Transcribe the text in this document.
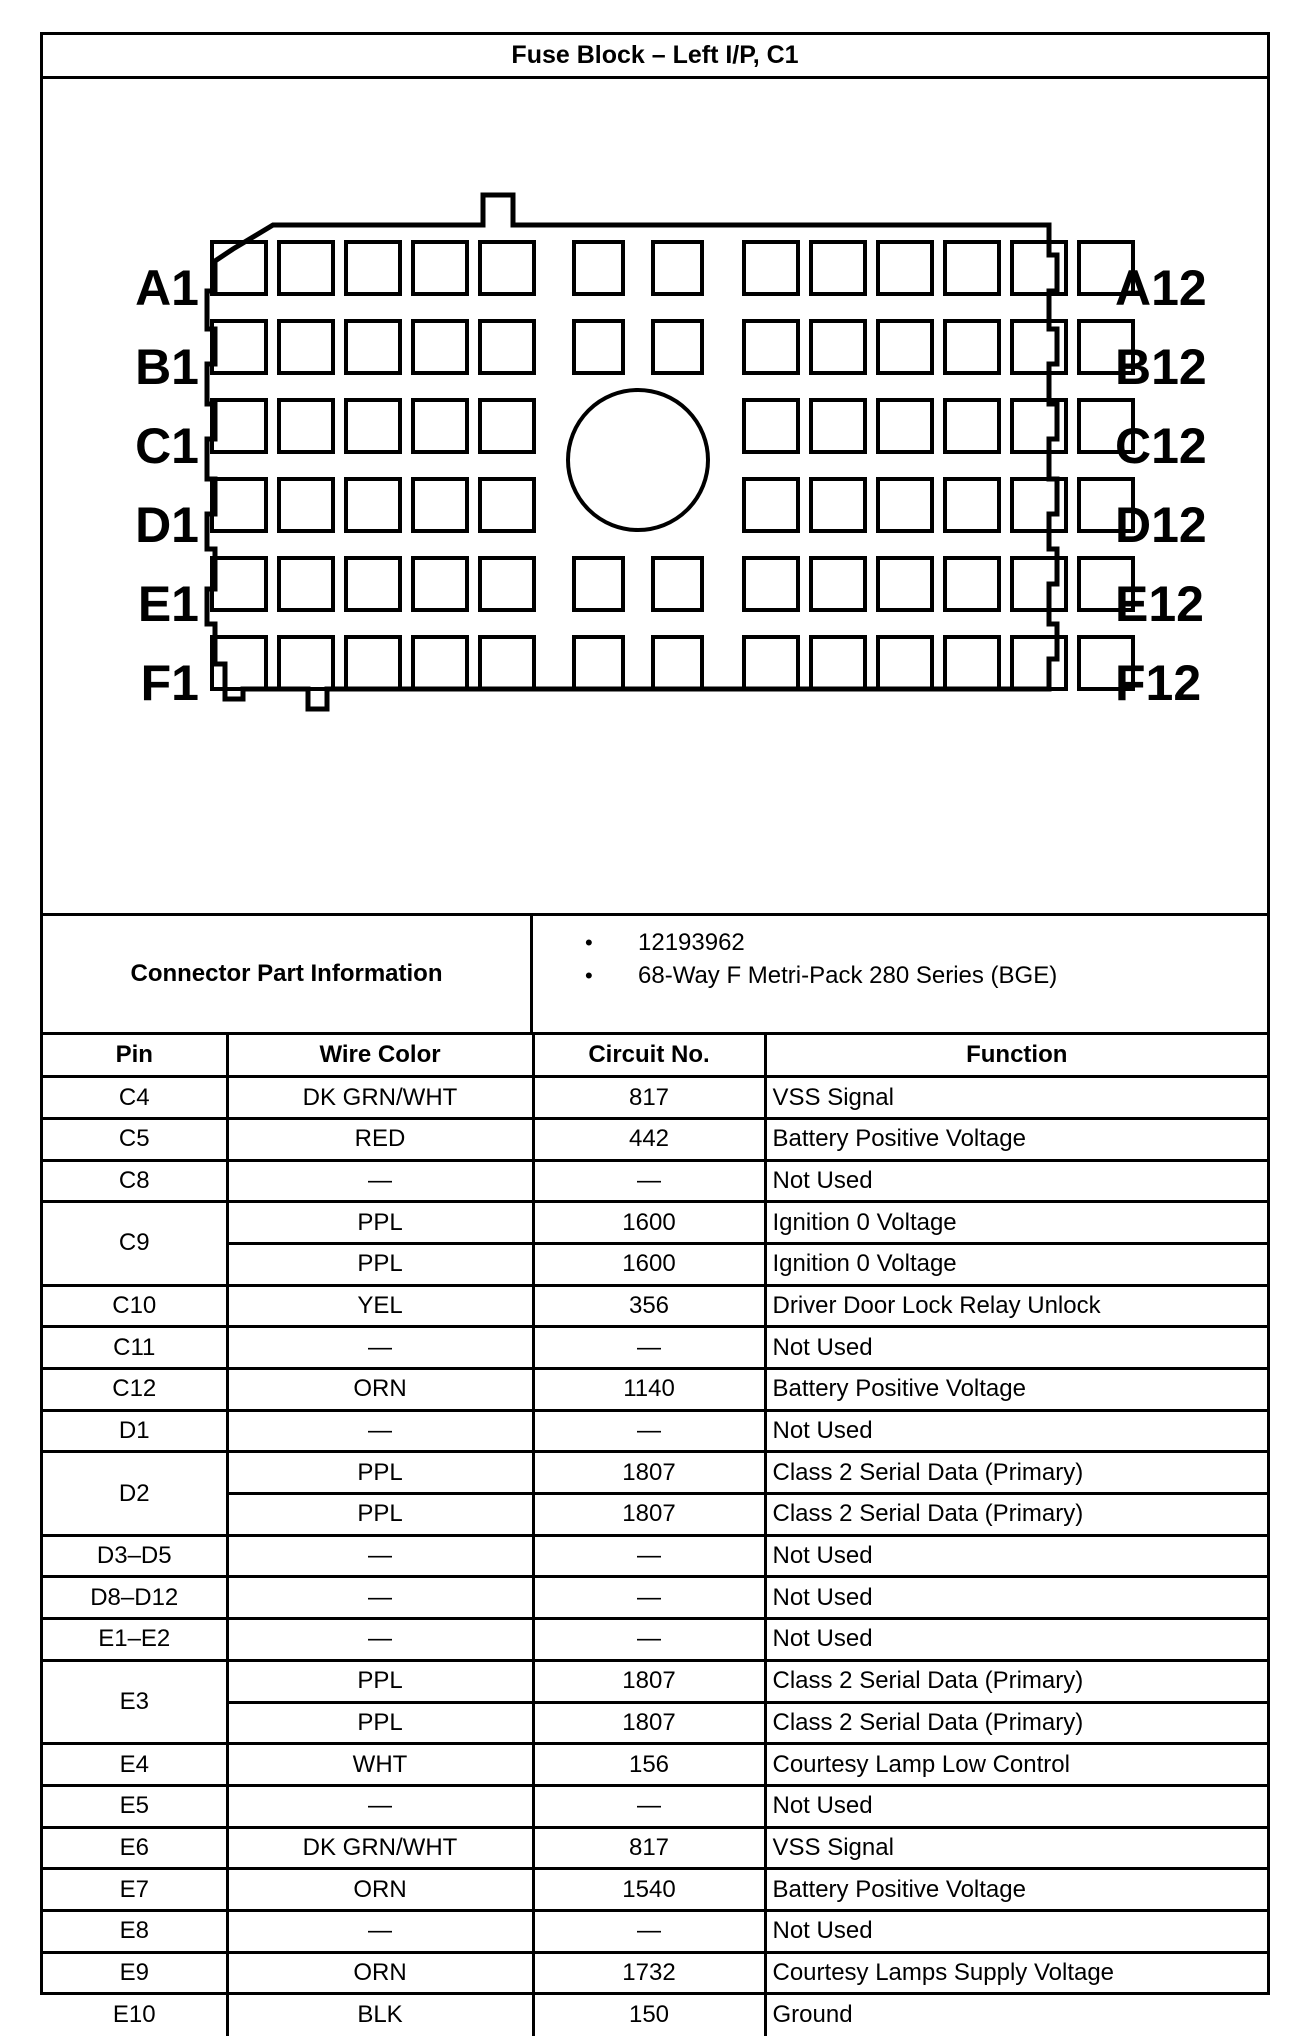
Fuse Block – Left I/P, C1
A1
B1
C1
D1
E1
F1
A12
B12
C12
D12
E12
F12
Connector Part Information
• 12193962
• 68-Way F Metri-Pack 280 Series (BGE)
Pin	Wire Color	Circuit No.	Function
C4	DK GRN/WHT	817	VSS Signal
C5	RED	442	Battery Positive Voltage
C8	—	—	Not Used
C9	PPL	1600	Ignition 0 Voltage
	PPL	1600	Ignition 0 Voltage
C10	YEL	356	Driver Door Lock Relay Unlock
C11	—	—	Not Used
C12	ORN	1140	Battery Positive Voltage
D1	—	—	Not Used
D2	PPL	1807	Class 2 Serial Data (Primary)
	PPL	1807	Class 2 Serial Data (Primary)
D3–D5	—	—	Not Used
D8–D12	—	—	Not Used
E1–E2	—	—	Not Used
E3	PPL	1807	Class 2 Serial Data (Primary)
	PPL	1807	Class 2 Serial Data (Primary)
E4	WHT	156	Courtesy Lamp Low Control
E5	—	—	Not Used
E6	DK GRN/WHT	817	VSS Signal
E7	ORN	1540	Battery Positive Voltage
E8	—	—	Not Used
E9	ORN	1732	Courtesy Lamps Supply Voltage
E10	BLK	150	Ground
